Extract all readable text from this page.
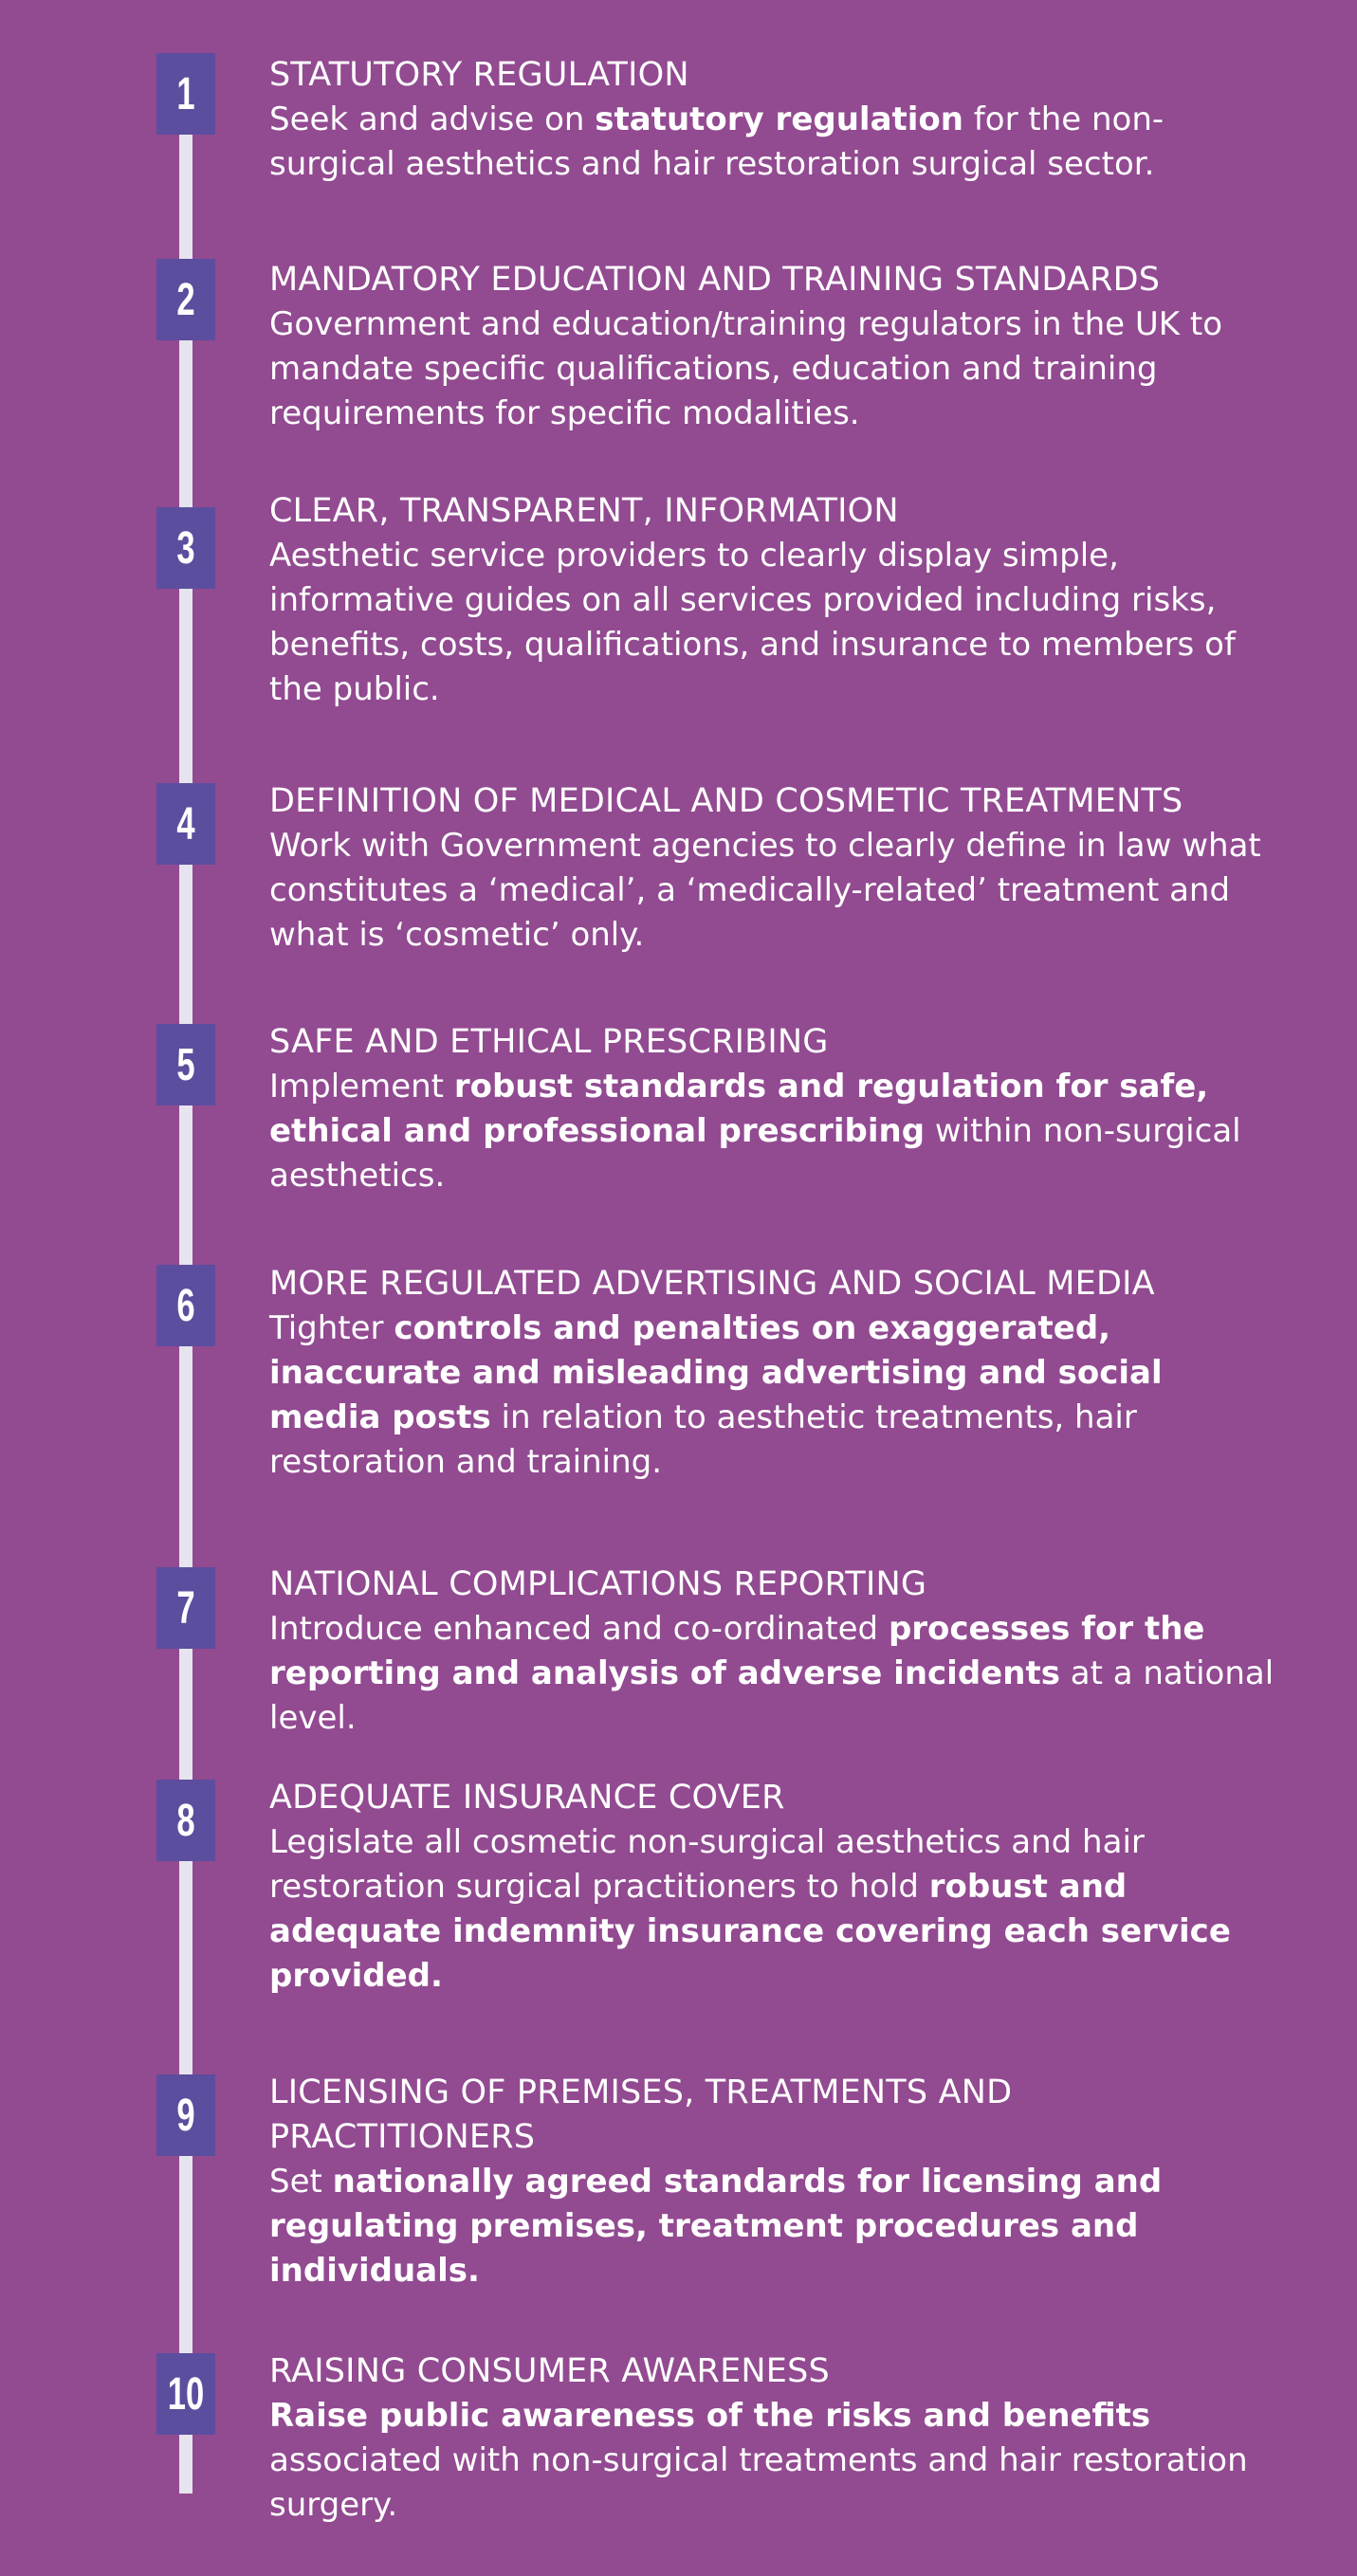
1	STATUTORY REGULATION

Seek and advise on statutory regulation for the non-surgical aesthetics and hair restoration surgical sector.

2	MANDATORY EDUCATION AND TRAINING STANDARDS

Government and education/training regulators in the UK to mandate specific qualifications, education and training requirements for specific modalities.

3
CLEAR, TRANSPARENT, INFORMATION

Aesthetic service providers to clearly display simple, informative guides on all services provided including risks, benefits, costs, qualifications, and insurance to members of the public.

4	DEFINITION OF MEDICAL AND COSMETIC TREATMENTS

Work with Government agencies to clearly define in law what constitutes a ‘medical’, a ‘medically-related’ treatment and what is ‘cosmetic’ only.

5	SAFE AND ETHICAL PRESCRIBING

Implement robust standards and regulation for safe, ethical and professional prescribing within non-surgical aesthetics.

6	MORE REGULATED ADVERTISING AND SOCIAL MEDIA

Tighter controls and penalties on exaggerated, inaccurate and misleading advertising and social media posts in relation to aesthetic treatments, hair restoration and training.

7	NATIONAL COMPLICATIONS REPORTING

Introduce enhanced and co-ordinated processes for the reporting and analysis of adverse incidents at a national level.

8	ADEQUATE INSURANCE COVER

Legislate all cosmetic non-surgical aesthetics and hair restoration surgical practitioners to hold robust and adequate indemnity insurance covering each service provided.

9	LICENSING OF PREMISES, TREATMENTS AND PRACTITIONERS

Set nationally agreed standards for licensing and regulating premises, treatment procedures and individuals.

10	RAISING CONSUMER AWARENESS

Raise public awareness of the risks and benefits associated with non-surgical treatments and hair restoration surgery.
